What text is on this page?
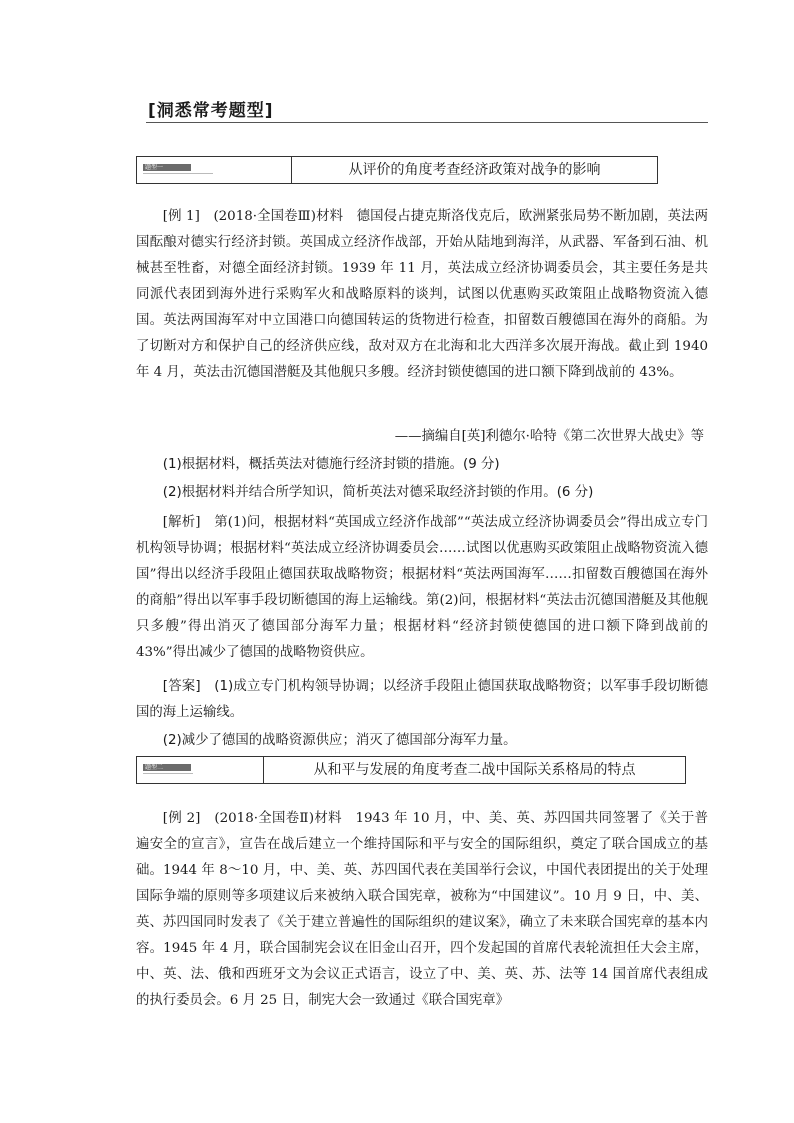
[洞悉常考题型]
题型一	从评价的角度考查经济政策对战争的影响

[例 1]　(2018·全国卷Ⅲ)材料　德国侵占捷克斯洛伐克后，欧洲紧张局势不断加剧，英法两国酝酿对德实行经济封锁。英国成立经济作战部，开始从陆地到海洋，从武器、军备到石油、机械甚至牲畜，对德全面经济封锁。1939 年 11 月，英法成立经济协调委员会，其主要任务是共同派代表团到海外进行采购军火和战略原料的谈判，试图以优惠购买政策阻止战略物资流入德国。英法两国海军对中立国港口向德国转运的货物进行检查，扣留数百艘德国在海外的商船。为了切断对方和保护自己的经济供应线，敌对双方在北海和北大西洋多次展开海战。截止到 1940 年 4 月，英法击沉德国潜艇及其他舰只多艘。经济封锁使德国的进口额下降到战前的 43%。

——摘编自[英]利德尔·哈特《第二次世界大战史》等

(1)根据材料，概括英法对德施行经济封锁的措施。(9 分)

(2)根据材料并结合所学知识，简析英法对德采取经济封锁的作用。(6 分)

[解析]　第(1)问，根据材料“英国成立经济作战部”“英法成立经济协调委员会”得出成立专门机构领导协调；根据材料“英法成立经济协调委员会……试图以优惠购买政策阻止战略物资流入德国”得出以经济手段阻止德国获取战略物资；根据材料“英法两国海军……扣留数百艘德国在海外的商船”得出以军事手段切断德国的海上运输线。第(2)问，根据材料“英法击沉德国潜艇及其他舰只多艘”得出消灭了德国部分海军力量；根据材料“经济封锁使德国的进口额下降到战前的 43%”得出减少了德国的战略物资供应。

[答案]　(1)成立专门机构领导协调；以经济手段阻止德国获取战略物资；以军事手段切断德国的海上运输线。

(2)减少了德国的战略资源供应；消灭了德国部分海军力量。

题型二	从和平与发展的角度考查二战中国际关系格局的特点

[例 2]　(2018·全国卷Ⅱ)材料　1943 年 10 月，中、美、英、苏四国共同签署了《关于普遍安全的宣言》，宣告在战后建立一个维持国际和平与安全的国际组织，奠定了联合国成立的基础。1944 年 8～10 月，中、美、英、苏四国代表在美国举行会议，中国代表团提出的关于处理国际争端的原则等多项建议后来被纳入联合国宪章，被称为“中国建议”。10 月 9 日，中、美、英、苏四国同时发表了《关于建立普遍性的国际组织的建议案》，确立了未来联合国宪章的基本内容。1945 年 4 月，联合国制宪会议在旧金山召开，四个发起国的首席代表轮流担任大会主席，中、英、法、俄和西班牙文为会议正式语言，设立了中、美、英、苏、法等 14 国首席代表组成的执行委员会。6 月 25 日，制宪大会一致通过《联合国宪章》
